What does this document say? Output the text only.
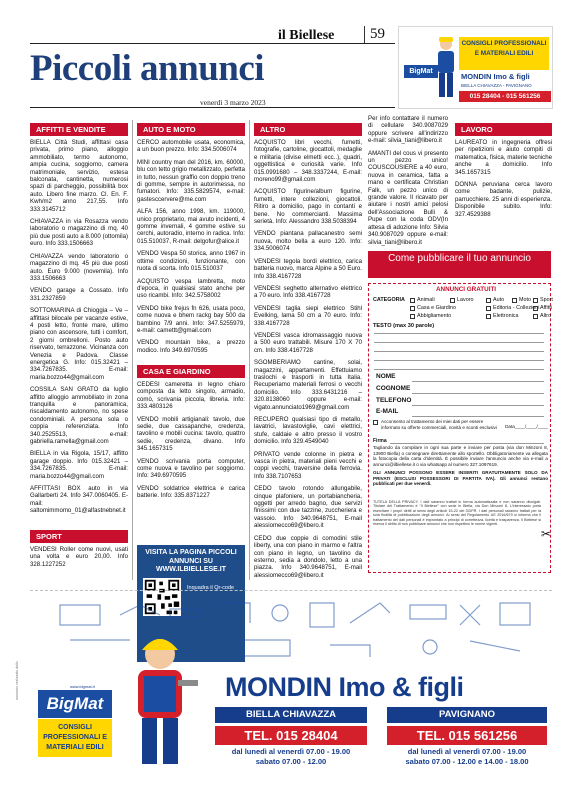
il Biellese	59
Piccoli annunci
venerdì 3 marzo 2023
BigMat
CONSIGLI PROFESSIONALI E MATERIALI EDILI
MONDIN Imo & figli
BIELLA CHIAVAZZA - PAVIGNANO
015 28404 - 015 561256
AFFITTI E VENDITE

BIELLA Città Studi, affittasi casa privata, primo piano, alloggio ammobiliato, termo autonomo, ampia cucina, soggiorno, camera matrimoniale, servizio, estesa balconata, cantinetta, numerosi spazi di parcheggio, possibilità box auto. Libero fine marzo. Cl. En. F. Kwh/m2 anno 217,55. Info 333.3145712

CHIAVAZZA in via Rosazza vendo laboratorio o magazzino di mq. 40 più due posti auto a 8.000 (ottomila) euro. Info 333.1506663

CHIAVAZZA vendo laboratorio o magazzino di mq. 45 più due posti auto. Euro 9.000 (novemila). Info 333.1506663

VENDO garage a Cossato. Info 331.2327859

SOTTOMARINA di Chioggia – Ve – affittasi bilocale per vacanze estive, 4 posti letto, fronte mare, ultimo piano con ascensore, tutti i comfort, 2 giorni ombrelloni. Posto auto riservato, terrazzone. Vicinanza con Venezia e Padova. Classe energetica G. Info: 015.32421 – 334.7267835. E-mail: maria.bozzo44@gmail.com

COSSILA SAN GRATO da luglio affitto alloggio ammobiliato in zona tranquilla e panoramica, riscaldamento autonomo, no spese condominiali. A persona sola o coppia referenziata. Info 340.2525513, e-mail: gabriella.ramella@gmail.com

BIELLA in via Rigola, 15/17, affitto garage doppio. Info 015.32421 – 334.7267835. E-mail: maria.bozzo44@gmail.com

AFFITTASI BOX auto in via Gallarberti 24. Info 347.0060405. E-mail: saltomimmomo_01@alfastnebnet.it

SPORT

VENDESI Roller come nuovi, usati una volta e euro 20,00. Info 328.1227252

AUTO E MOTO

CERCO automobile usata, economica, a un buon prezzo. Info: 334.5006074

MINI country man del 2016, km. 60000, blu con tetto grigio metallizzato, perfetta in tutto, nessun graffio con doppio treno di gomme, sempre in autorimessa, no fumatori. Info: 335.5829574, e-mail: gastesccervere@me.com

ALFA 156, anno 1998, km. 119000, unico proprietario, mai avuto incidenti, 4 gomme invernali, 4 gomme estive su cerchi, autoradio, interno in radica. Info: 015.510037, R-mail: delgofur@alice.it

VENDO Vespa 50 storica, anno 1967 in ottime condizioni, funzionante, con ruota di scorta. Info 015.510037

ACQUISTO vespa lambretta, moto d'epoca, in qualsiasi stato anche per uso ricambi. Info: 342.5758002

VENDO bike frejus fn 626, usata poco, come nuova e bhem rackg bay 500 da bambino 7/9 anni. Info: 347.5255979, e-mail: camettt@gmail.com

VENDO mountain bike, a prezzo modico. Info 349.6970595

CASA E GIARDINO

CEDESI cameretta in legno chiaro composta da letto singolo, armadio, comò, scrivania piccola, libreria. Info: 333.4803126

VENDO mobili artigianali: tavolo, due sedie, due cassapanche, credenza, tavolino e mobili cucina: tavolo, quattro sedie, credenza, divano. Info 345.1657315

VENDO scrivania porta computer, come nuova e tavolino per soggiorno. Info: 349.6970595

VENDO soldatrice elettrica e carica batterie. Info: 335.8371227

VISITA LA PAGINA PICCOLI ANNUNCI SU WWW.ILBIELLESE.IT
Inquadra il Qr-code
ALTRO

ACQUISTO libri vecchi, fumetti, fotografie, cartoline, giocattoli, medaglie e militaria (divise elmetti ecc..), quadri, oggettistica e curiosità varie. Info 015.0991680 – 348.3337244, E-mail: moreno99@gmail.com

ACQUISTO figurine/album figurine, fumetti, intere collezioni, giocattoli. Ritiro a domicilio, pago in contanti e bene. No commercianti. Massima serietà. Info: Alessandro 338.5038394

VENDO piantana pallacanestro semi nuova, molto bella a euro 120. Info: 334.5006074

VENDESI tegola bordi elettrico, carica batteria nuovo, marca Alpine a 50 Euro. Info 338.4167728

VENDESI seghetto alternativo elettrico a 70 euro. Info 338.4167728

VENDESI taglia siepi elettrico Stihl Evelking, lama 50 cm a 70 euro. Info: 338.4167728

VENDESI vasca idromassaggio nuova a 500 euro trattabili. Misure 170 X 70 cm. Info 338.4167728

SGOMBERIAMO cantine, solai, magazzini, appartamenti. Effettuiamo traslochi e trasporti in tutta Italia. Recuperiamo materiali ferrosi o vecchi domicilio. Info 333.6431216 – 320.8138060 oppure e-mail: vigato.annunciato1969@gmail.com

RECUPERO qualsiasi tipo di metallo, lavatrici, lavastoviglie, cavi elettrici, stufe, caldaie e altro presso il vostro domicilio. Info 329.4549040

PRIVATO vende colonne in pietra e vasca in pietra, materiali pieni vecchi e coppi vecchi, traversine della ferrovia. Info 338.7107653

CEDO tavolo rotondo allungabile, cinque plafoniere, un portabiancheria, oggetti per arredo bagno, due servizi finissimi con due tazzine, zuccheriera e vassoio. Info 340.9648751, E-mail alessiomecco69@libero.it

CEDO due coppie di comodini stile liberty, una con piano in marmo e l'altra con piano in legno, un tavolino da esterno, sedia a dondolo, letto a una piazza. Info 340.9648751, E-mail alessiomecco69@libero.it

Per info contattare il numero di cellulare 340.9087029 oppure scrivere all'indirizzo e-mail: silvia_tiani@libero.it

AMANTI del cous vi presento un pezzo unico! COUSCOUSIERE a 40 euro, nuova in ceramica, fatta a mano e certificata Christian Falk, un pezzo unico di grande valore. Il ricavato per aiutare i nostri amici pelosi dell'Associazione Bulli & Pupe con la coda ODV(In attesa di adozione Info: Silvia 340.9087029 oppure e-mail: silvia_tiani@libero.it

LAVORO

LAUREATO in ingegneria offresi per ripetizioni e aiuto compiti di matematica, fisica, materie tecniche anche a domicilio. Info 345.1657315

DONNA peruviana cerca lavoro come badante, pulizie, parrucchiere. 25 anni di esperienza. Disponibile subito. Info: 327.4529388

Come pubblicare il tuo annuncio
ANNUNCI GRATUITI
CATEGORIA Animali	Lavoro	Auto	Moto Sport
Casa e Giardino	Editoria - Collezioni Affitti
Abbigliamento	Elettronica	Altro
TESTO (max 30 parole)
NOME
COGNOME
TELEFONO
E-MAIL
Acconsento al trattamento dei miei dati per essere informato su offerte commerciali, novità e sconti esclusivi	Data____/____/____
Firma
Tagliando da compilare in ogni sua parte e inviare per posta (via don Minzoni 8, 13900 Biella) o consegnare direttamente allo sportello. Obbligatoriamente va allegata la fotocopia della carta d'identità. È possibile inviare l'annuncio anche via e-mail a annunci@ilbiellese.it o via whatsapp al numero 327.1097619.
GLI ANNUNCI POSSONO ESSERE INSERITI GRATUITAMENTE SOLO DA PRIVATI (ESCLUSI POSSESSORI DI PARTITA IVA). Gli annunci restano pubblicati per due venerdì.
TUTELA DELLA PRIVACY. I dati saranno trattati in forma automatizzata e non saranno divulgati. Titolare del Trattamento è "Il Biellese" con sede in Biella, via Don Minzoni 8. L'interessato potrà esercitare i propri diritti ai sensi degli articoli 15-22 del GDPR. I dati personali saranno trattati per la sola finalità di pubblicazione degli annunci. Ai sensi del Regolamento UE 2016/679 si informa che il trattamento dei dati personali è improntato a principi di correttezza, liceità e trasparenza. Il Biellese si riserva il diritto di non pubblicare annunci che non rispettino le norme vigenti.
✂
BigMat
www.bigmat.it
CONSIGLI PROFESSIONALI E MATERIALI EDILI
MONDIN Imo & figli
BIELLA CHIAVAZZA
TEL. 015 28404
dal lunedì al venerdì 07.00 - 19.00
sabato 07.00 - 12.00
PAVIGNANO
TEL. 015 561256
dal lunedì al venerdì 07.00 - 19.00
sabato 07.00 - 12.00 e 14.00 - 18.00
annuncio realizzato dallo
